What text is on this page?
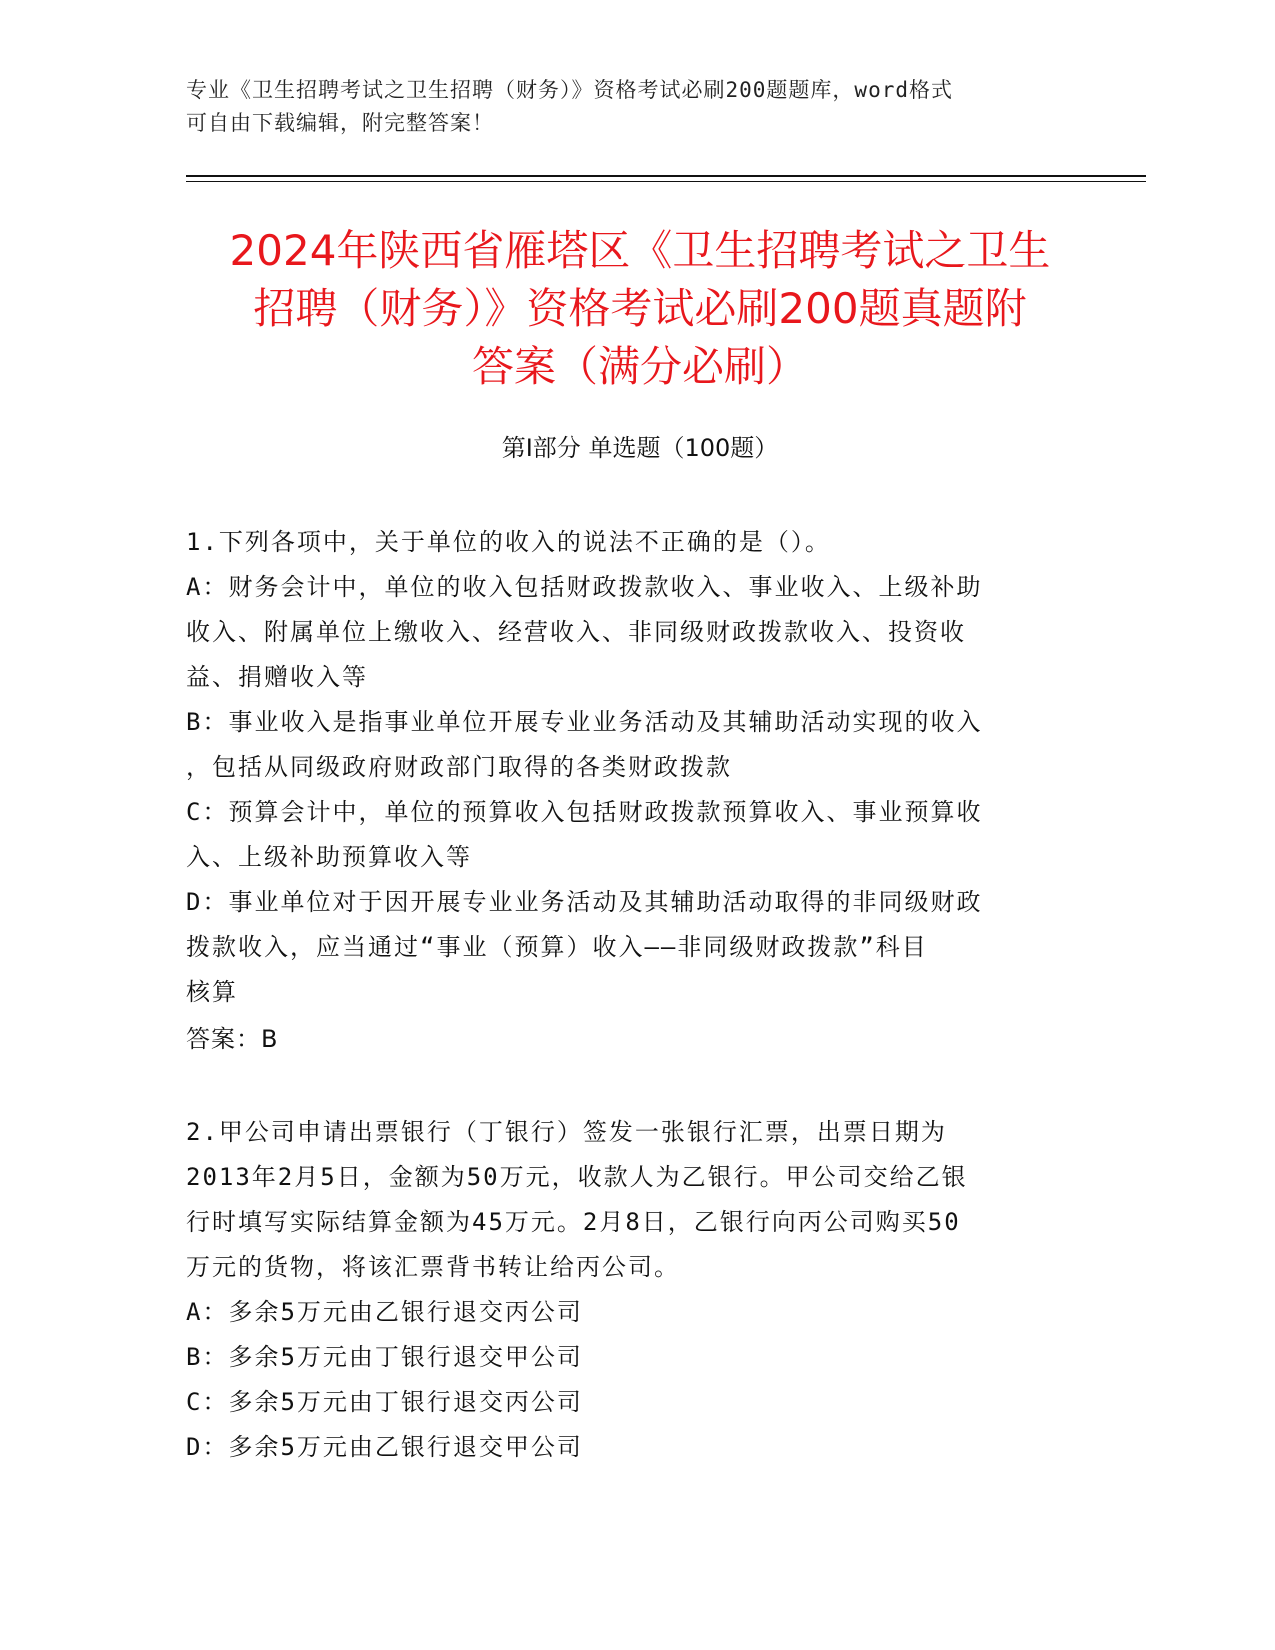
专业《卫生招聘考试之卫生招聘（财务）》资格考试必刷200题题库，word格式
可自由下载编辑，附完整答案！
2024年陕西省雁塔区《卫生招聘考试之卫生
招聘（财务）》资格考试必刷200题真题附
答案（满分必刷）
第Ⅰ部分 单选题（100题）
1.下列各项中，关于单位的收入的说法不正确的是（）。
A：财务会计中，单位的收入包括财政拨款收入、事业收入、上级补助
收入、附属单位上缴收入、经营收入、非同级财政拨款收入、投资收
益、捐赠收入等
B：事业收入是指事业单位开展专业业务活动及其辅助活动实现的收入
，包括从同级政府财政部门取得的各类财政拨款
C：预算会计中，单位的预算收入包括财政拨款预算收入、事业预算收
入、上级补助预算收入等
D：事业单位对于因开展专业业务活动及其辅助活动取得的非同级财政
拨款收入，应当通过“事业（预算）收入——非同级财政拨款”科目
核算
答案：B
2.甲公司申请出票银行（丁银行）签发一张银行汇票，出票日期为
2013年2月5日，金额为50万元，收款人为乙银行。甲公司交给乙银
行时填写实际结算金额为45万元。2月8日，乙银行向丙公司购买50
万元的货物，将该汇票背书转让给丙公司。
A：多余5万元由乙银行退交丙公司
B：多余5万元由丁银行退交甲公司
C：多余5万元由丁银行退交丙公司
D：多余5万元由乙银行退交甲公司
